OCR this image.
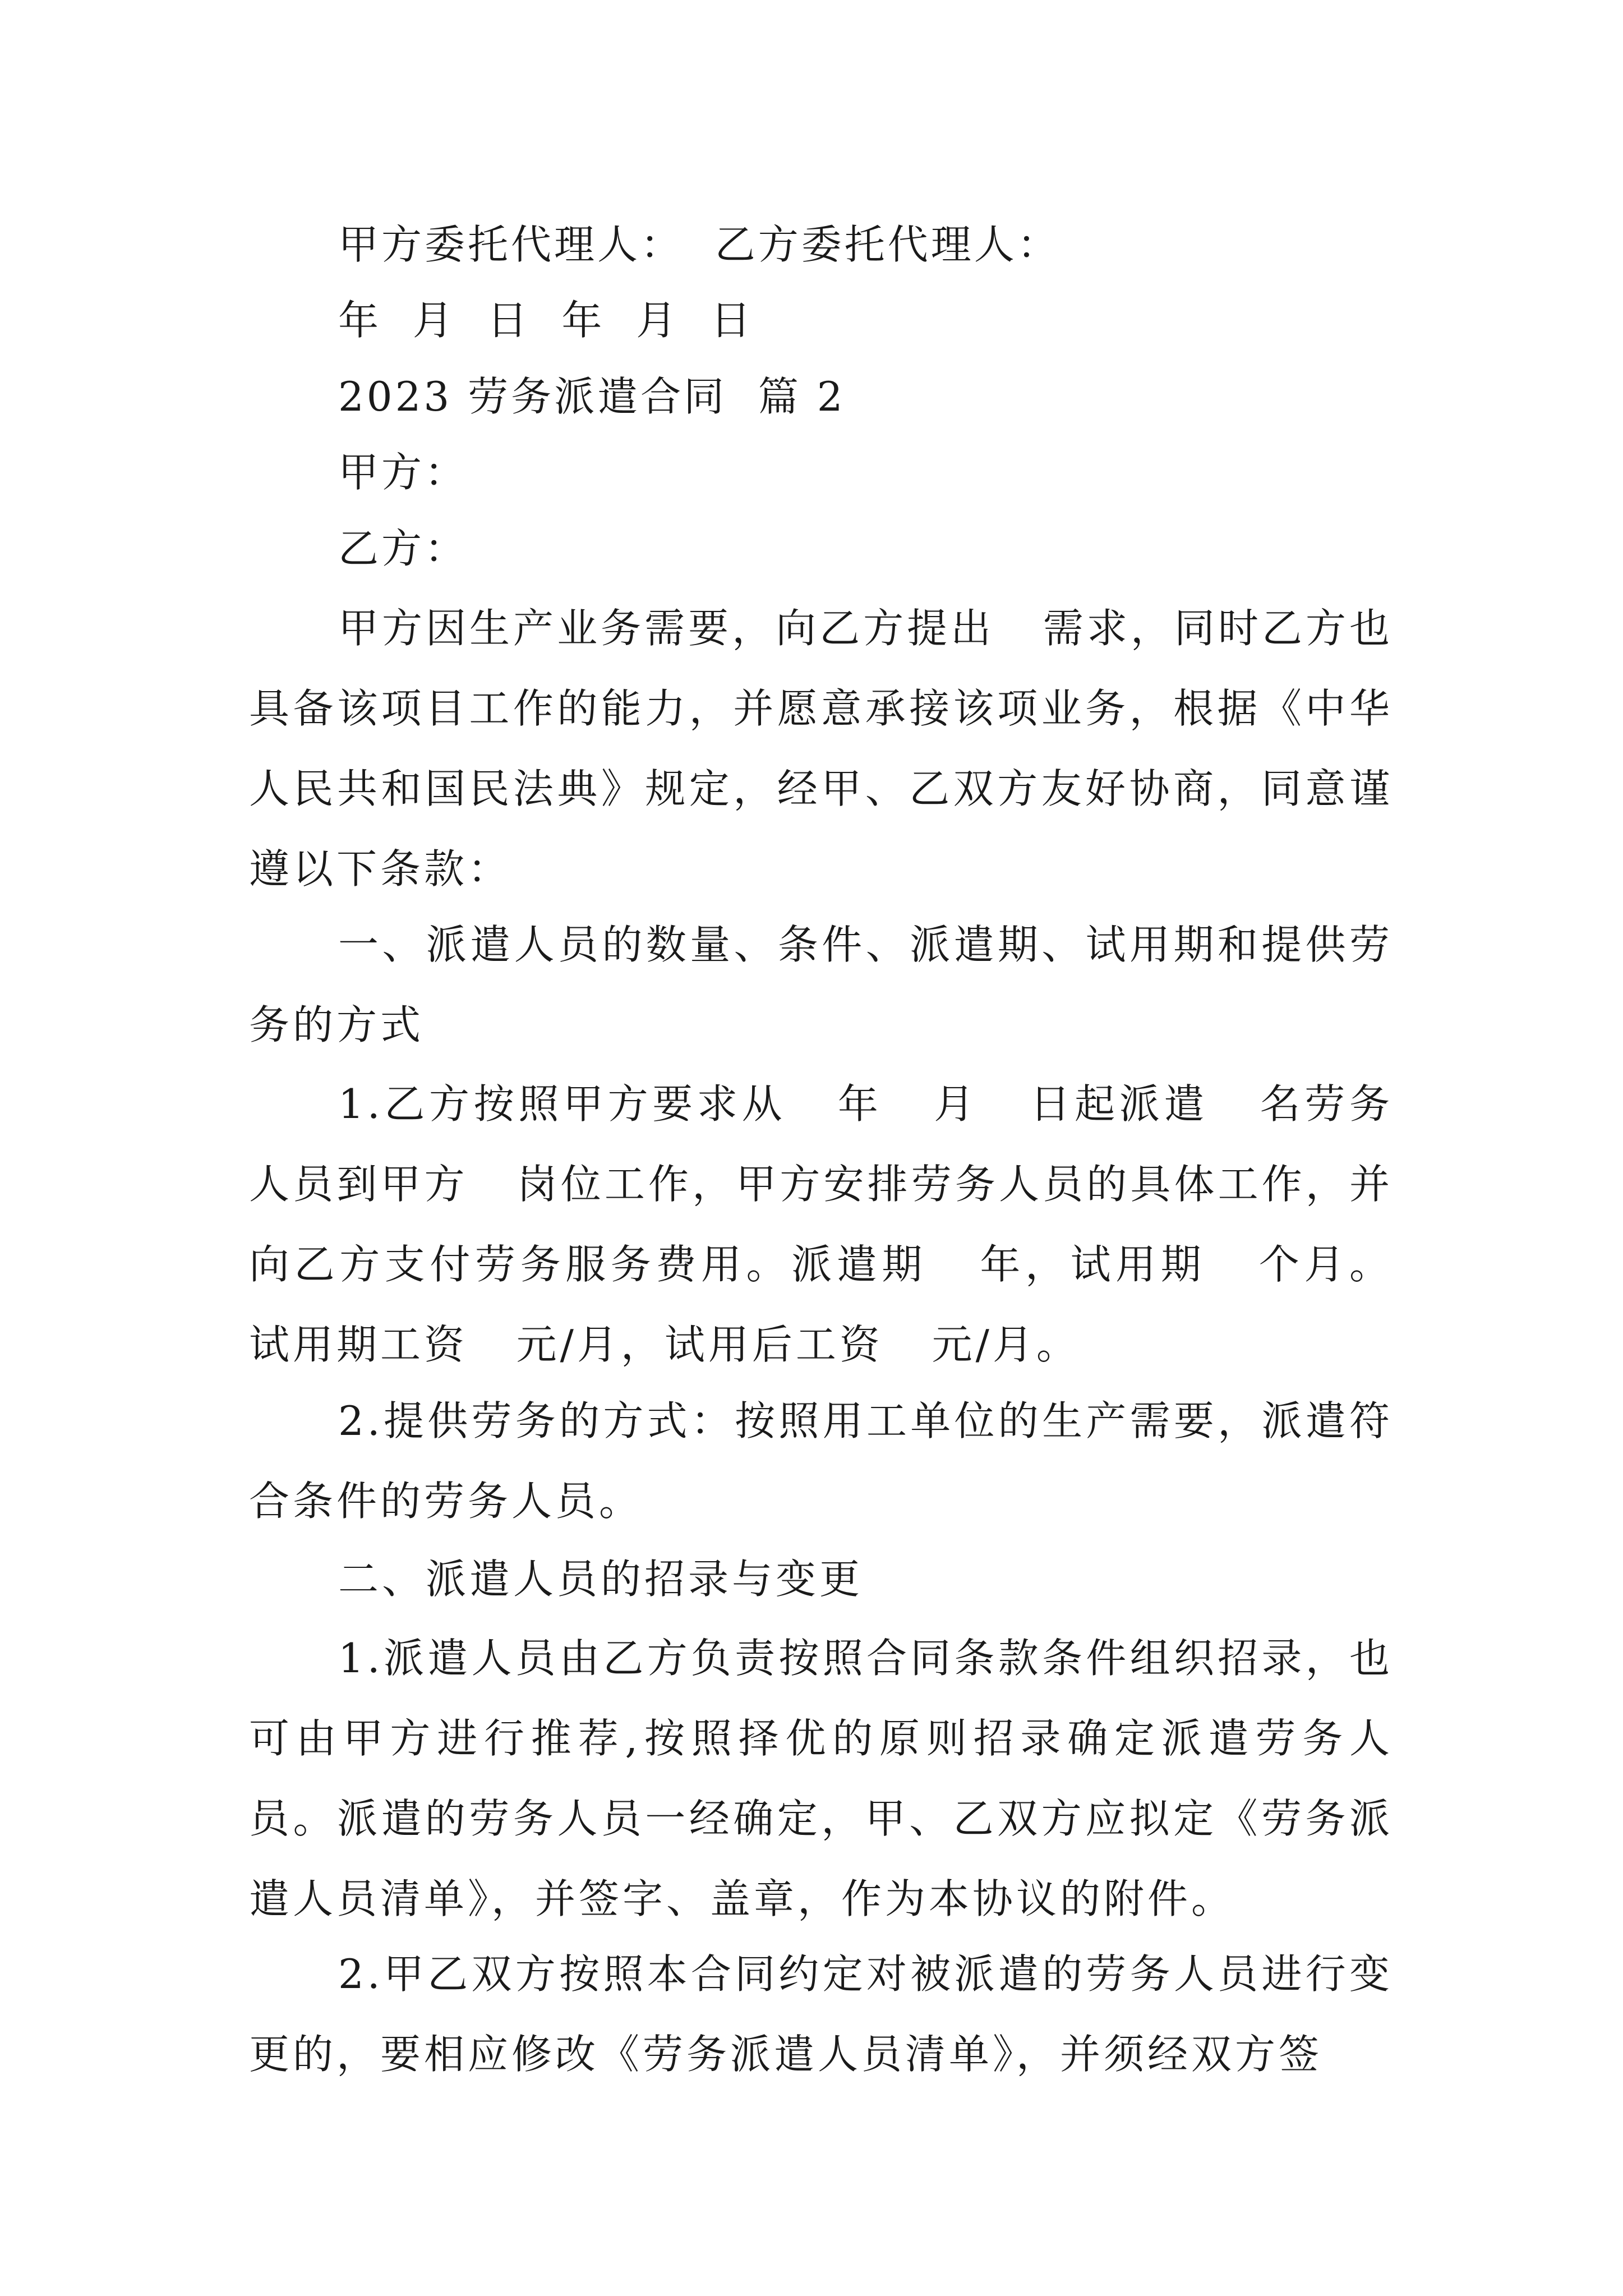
甲方委托代理人：  乙方委托代理人：
年  月  日  年  月  日
2023 劳务派遣合同  篇 2
甲方：
乙方：
甲方因生产业务需要，向乙方提出   需求，同时乙方也具备该项目工作的能力，并愿意承接该项业务，根据《中华人民共和国民法典》规定，经甲、乙双方友好协商，同意谨遵以下条款：
一、派遣人员的数量、条件、派遣期、试用期和提供劳务的方式
1.乙方按照甲方要求从   年   月   日起派遣   名劳务人员到甲方   岗位工作，甲方安排劳务人员的具体工作，并向乙方支付劳务服务费用。派遣期   年，试用期   个月。试用期工资   元/月，试用后工资   元/月。
2.提供劳务的方式：按照用工单位的生产需要，派遣符合条件的劳务人员。
二、派遣人员的招录与变更
1.派遣人员由乙方负责按照合同条款条件组织招录，也可由甲方进行推荐,按照择优的原则招录确定派遣劳务人员。派遣的劳务人员一经确定，甲、乙双方应拟定《劳务派遣人员清单》，并签字、盖章，作为本协议的附件。
2.甲乙双方按照本合同约定对被派遣的劳务人员进行变更的，要相应修改《劳务派遣人员清单》，并须经双方签
